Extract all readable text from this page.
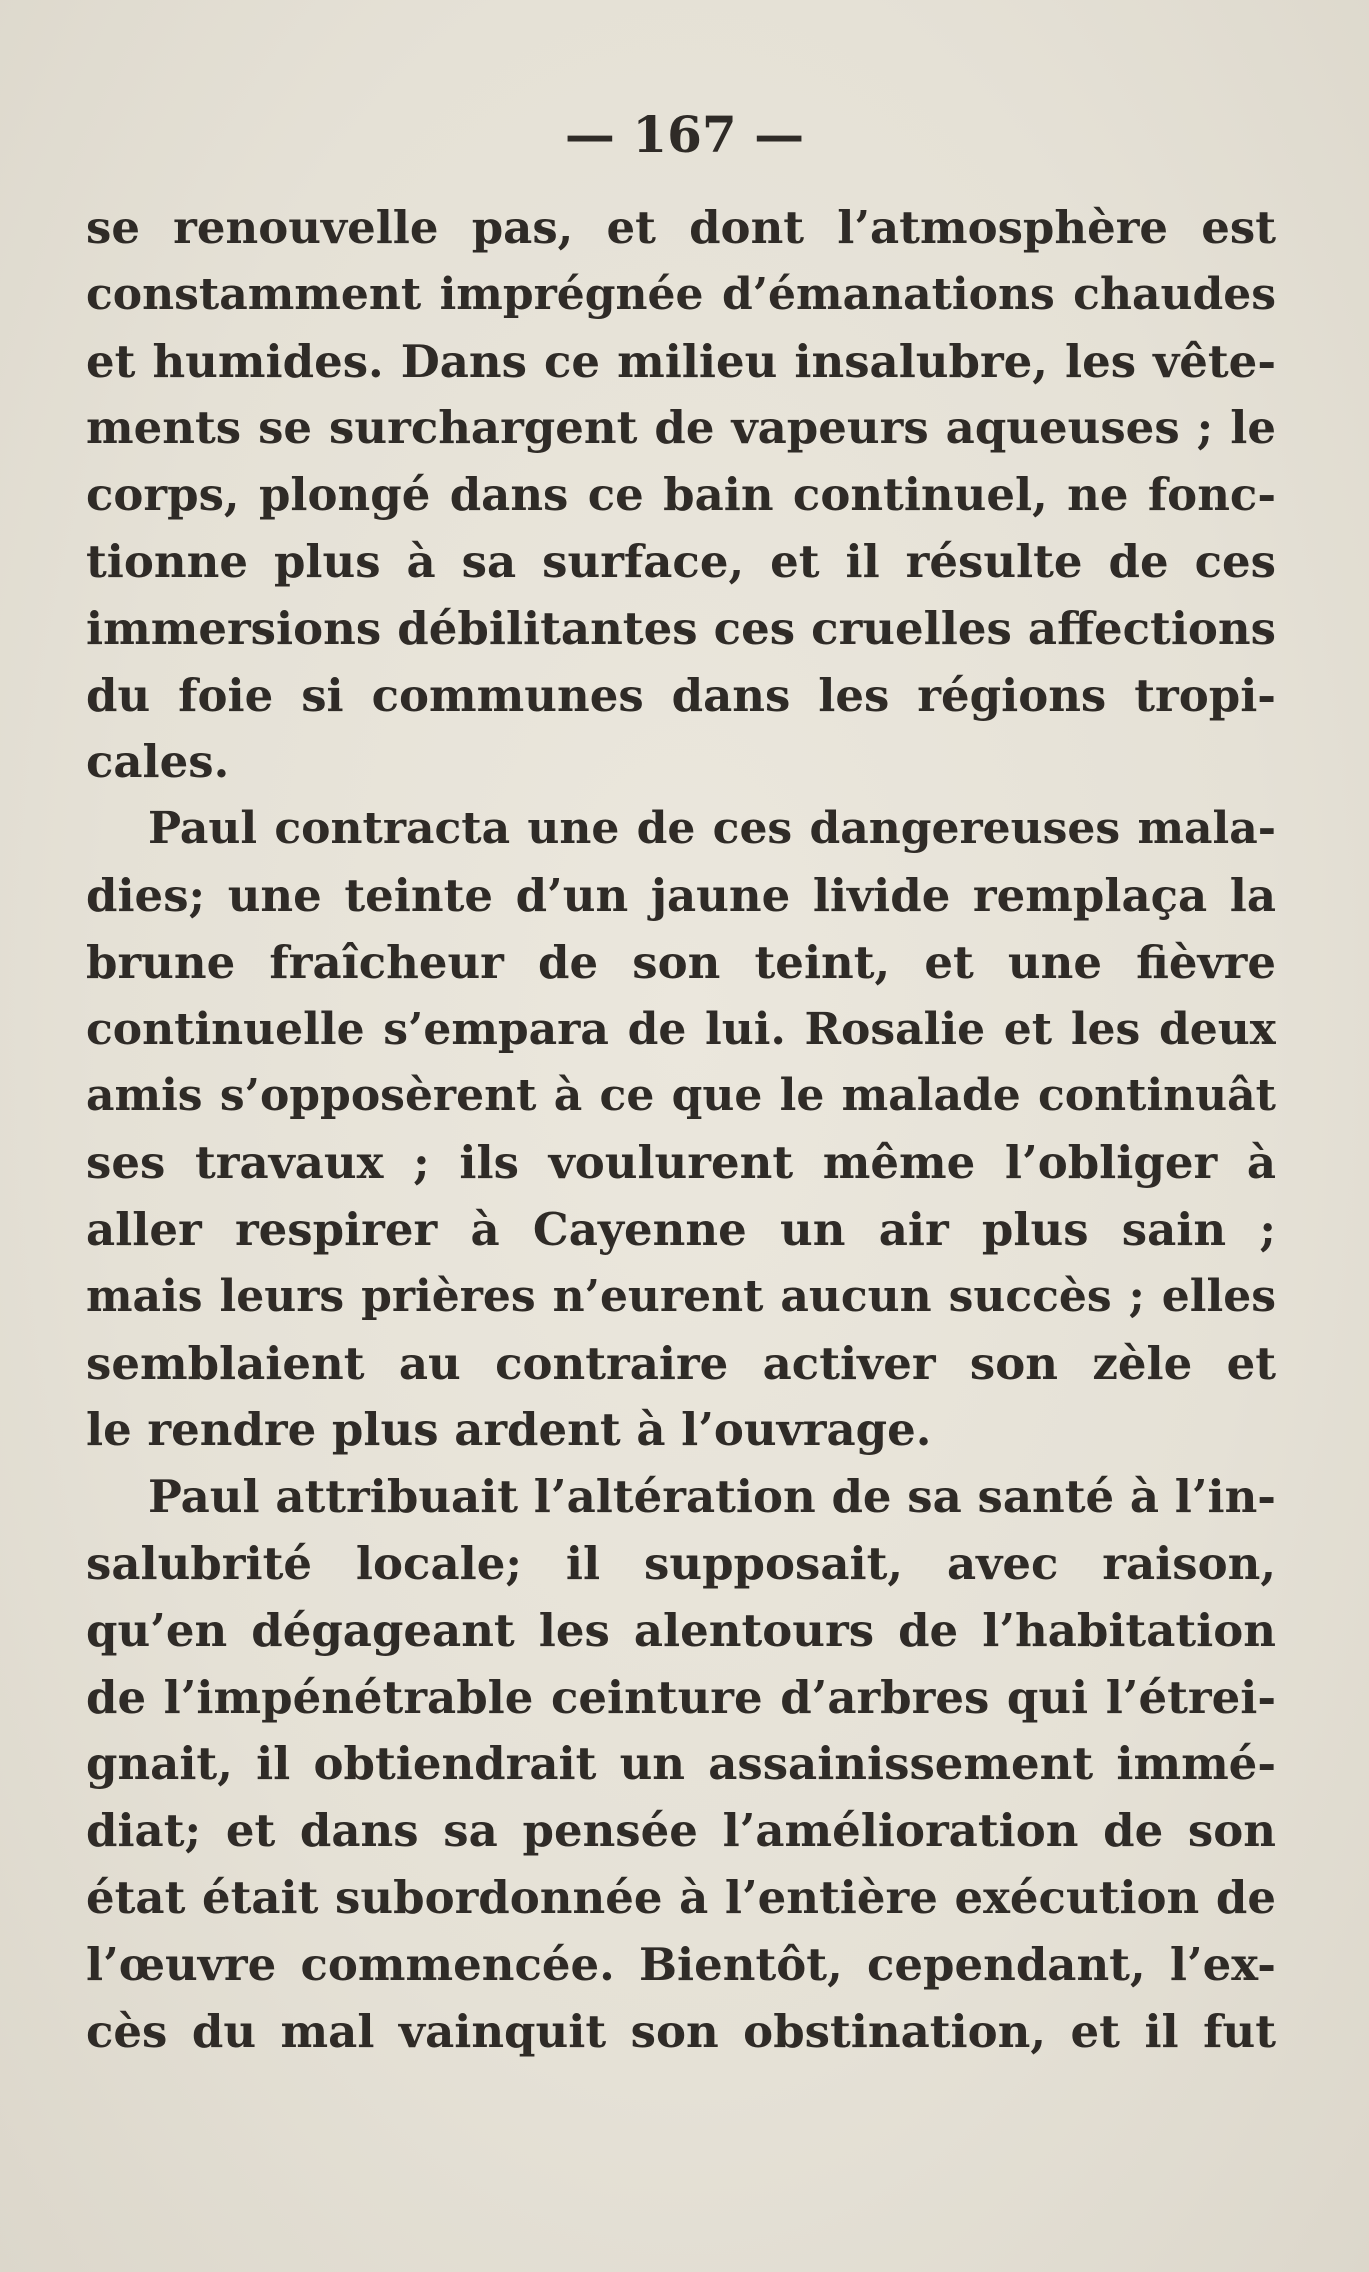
— 167 —
se renouvelle pas, et dont l’atmosphère est
constamment imprégnée d’émanations chaudes
et humides. Dans ce milieu insalubre, les vête-
ments se surchargent de vapeurs aqueuses ; le
corps, plongé dans ce bain continuel, ne fonc-
tionne plus à sa surface, et il résulte de ces
immersions débilitantes ces cruelles affections
du foie si communes dans les régions tropi-
cales.
Paul contracta une de ces dangereuses mala-
dies; une teinte d’un jaune livide remplaça la
brune fraîcheur de son teint, et une fièvre
continuelle s’empara de lui. Rosalie et les deux
amis s’opposèrent à ce que le malade continuât
ses travaux ; ils voulurent même l’obliger à
aller respirer à Cayenne un air plus sain ;
mais leurs prières n’eurent aucun succès ; elles
semblaient au contraire activer son zèle et
le rendre plus ardent à l’ouvrage.
Paul attribuait l’altération de sa santé à l’in-
salubrité locale; il supposait, avec raison,
qu’en dégageant les alentours de l’habitation
de l’impénétrable ceinture d’arbres qui l’étrei-
gnait, il obtiendrait un assainissement immé-
diat; et dans sa pensée l’amélioration de son
état était subordonnée à l’entière exécution de
l’œuvre commencée. Bientôt, cependant, l’ex-
cès du mal vainquit son obstination, et il fut
